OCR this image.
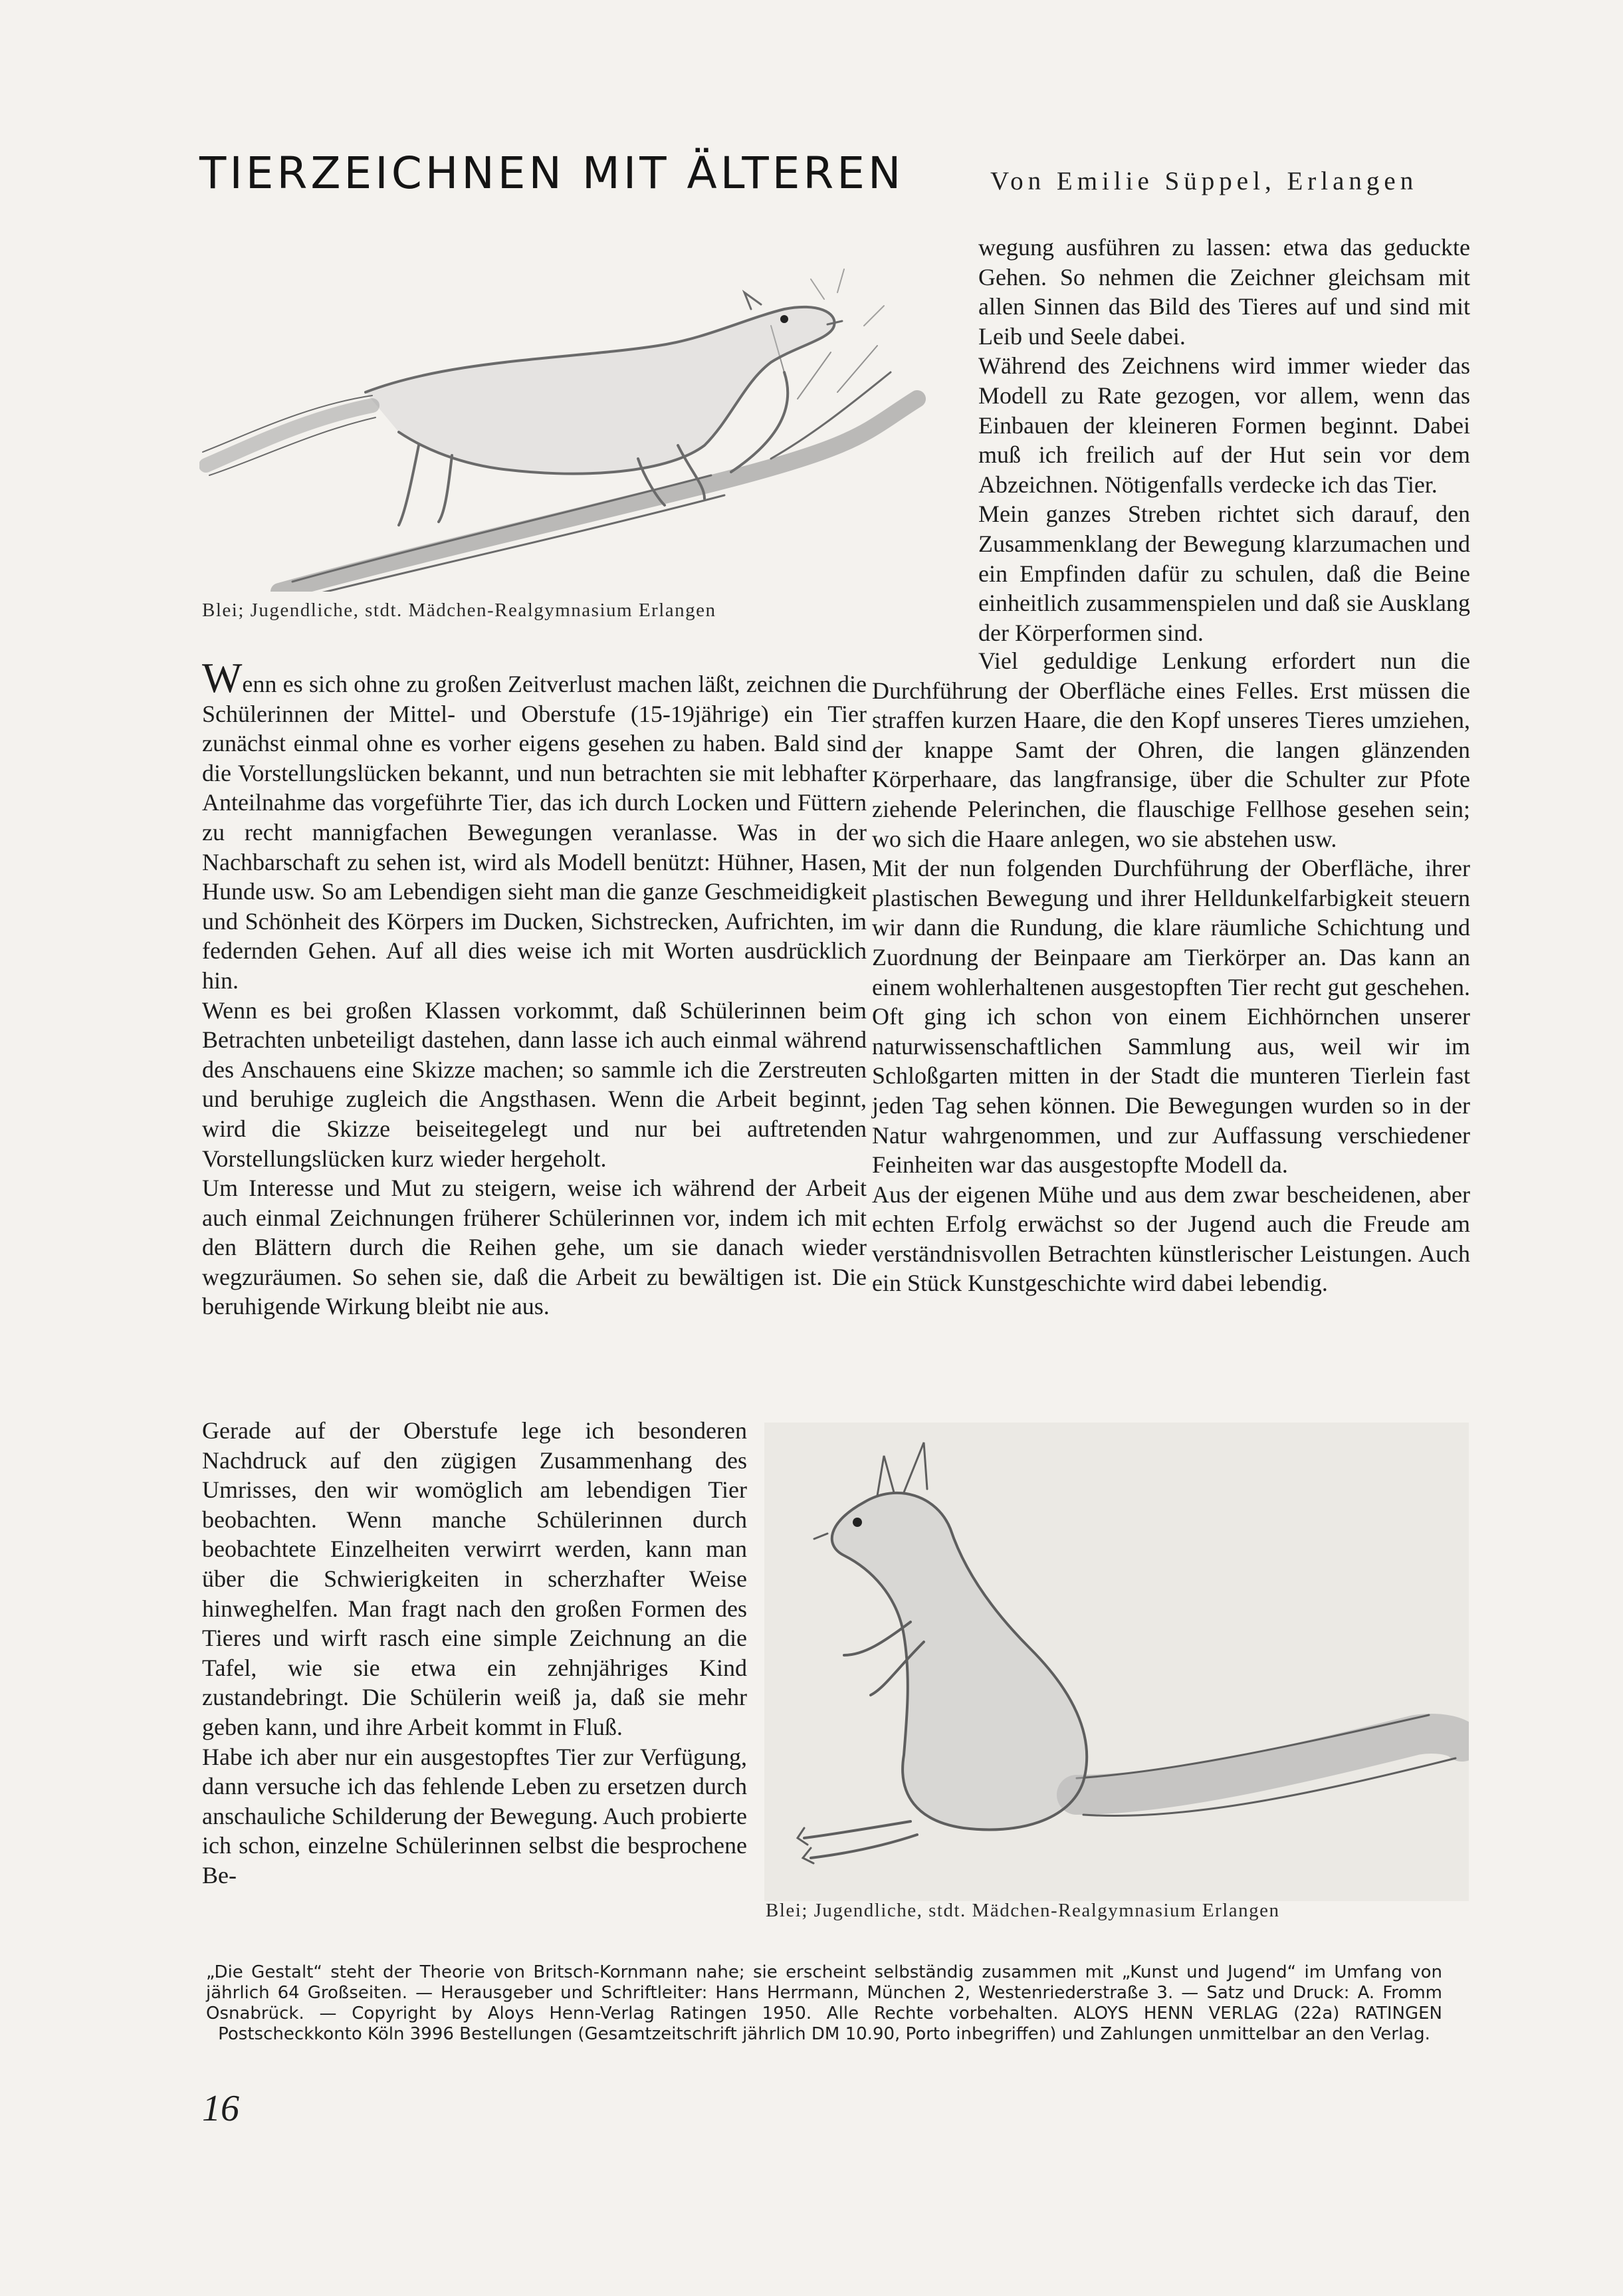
TIERZEICHNEN MIT ÄLTEREN	Von Emilie Süppel, Erlangen
Blei; Jugendliche, stdt. Mädchen-Realgymnasium Erlangen

Wenn es sich ohne zu großen Zeitverlust machen läßt, zeichnen die Schülerinnen der Mittel- und Oberstufe (15-19jährige) ein Tier zunächst einmal ohne es vorher eigens gesehen zu haben. Bald sind die Vorstellungslücken bekannt, und nun betrachten sie mit lebhafter Anteilnahme das vorgeführte Tier, das ich durch Locken und Füttern zu recht mannigfachen Bewegungen veranlasse. Was in der Nachbarschaft zu sehen ist, wird als Modell benützt: Hühner, Hasen, Hunde usw. So am Lebendigen sieht man die ganze Geschmeidigkeit und Schönheit des Körpers im Ducken, Sichstrecken, Aufrichten, im federnden Gehen. Auf all dies weise ich mit Worten ausdrücklich hin.

Wenn es bei großen Klassen vorkommt, daß Schülerinnen beim Betrachten unbeteiligt dastehen, dann lasse ich auch einmal während des Anschauens eine Skizze machen; so sammle ich die Zerstreuten und beruhige zugleich die Angsthasen. Wenn die Arbeit beginnt, wird die Skizze beiseitegelegt und nur bei auftretenden Vorstellungslücken kurz wieder hergeholt.

Um Interesse und Mut zu steigern, weise ich während der Arbeit auch einmal Zeichnungen früherer Schülerinnen vor, indem ich mit den Blättern durch die Reihen gehe, um sie danach wieder wegzuräumen. So sehen sie, daß die Arbeit zu bewältigen ist. Die beruhigende Wirkung bleibt nie aus.

Gerade auf der Oberstufe lege ich besonderen Nachdruck auf den zügigen Zusammenhang des Umrisses, den wir womöglich am lebendigen Tier beobachten. Wenn manche Schülerinnen durch beobachtete Einzelheiten verwirrt werden, kann man über die Schwierigkeiten in scherzhafter Weise hinweghelfen. Man fragt nach den großen Formen des Tieres und wirft rasch eine simple Zeichnung an die Tafel, wie sie etwa ein zehnjähriges Kind zustandebringt. Die Schülerin weiß ja, daß sie mehr geben kann, und ihre Arbeit kommt in Fluß.

Habe ich aber nur ein ausgestopftes Tier zur Verfügung, dann versuche ich das fehlende Leben zu ersetzen durch anschauliche Schilderung der Bewegung. Auch probierte ich schon, einzelne Schülerinnen selbst die besprochene Be-

wegung ausführen zu lassen: etwa das geduckte Gehen. So nehmen die Zeichner gleichsam mit allen Sinnen das Bild des Tieres auf und sind mit Leib und Seele dabei.

Während des Zeichnens wird immer wieder das Modell zu Rate gezogen, vor allem, wenn das Einbauen der kleineren Formen beginnt. Dabei muß ich freilich auf der Hut sein vor dem Abzeichnen. Nötigenfalls verdecke ich das Tier.

Mein ganzes Streben richtet sich darauf, den Zusammenklang der Bewegung klarzumachen und ein Empfinden dafür zu schulen, daß die Beine einheitlich zusammenspielen und daß sie Ausklang der Körperformen sind.

Viel geduldige Lenkung erfordert nun die Durchführung der Oberfläche eines Felles. Erst müssen die straffen kurzen Haare, die den Kopf unseres Tieres umziehen, der knappe Samt der Ohren, die langen glänzenden Körperhaare, das langfransige, über die Schulter zur Pfote ziehende Pelerinchen, die flauschige Fellhose gesehen sein; wo sich die Haare anlegen, wo sie abstehen usw.

Mit der nun folgenden Durchführung der Oberfläche, ihrer plastischen Bewegung und ihrer Helldunkelfarbigkeit steuern wir dann die Rundung, die klare räumliche Schichtung und Zuordnung der Beinpaare am Tierkörper an. Das kann an einem wohlerhaltenen ausgestopften Tier recht gut geschehen. Oft ging ich schon von einem Eichhörnchen unserer naturwissenschaftlichen Sammlung aus, weil wir im Schloßgarten mitten in der Stadt die munteren Tierlein fast jeden Tag sehen können. Die Bewegungen wurden so in der Natur wahrgenommen, und zur Auffassung verschiedener Feinheiten war das ausgestopfte Modell da.

Aus der eigenen Mühe und aus dem zwar bescheidenen, aber echten Erfolg erwächst so der Jugend auch die Freude am verständnisvollen Betrachten künstlerischer Leistungen. Auch ein Stück Kunstgeschichte wird dabei lebendig.

Blei; Jugendliche, stdt. Mädchen-Realgymnasium Erlangen
„Die Gestalt“ steht der Theorie von Britsch-Kornmann nahe; sie erscheint selbständig zusammen mit „Kunst und Jugend“ im Umfang von jährlich 64 Großseiten. — Herausgeber und Schriftleiter: Hans Herrmann, München 2, Westenriederstraße 3. — Satz und Druck: A. Fromm Osnabrück. — Copyright by Aloys Henn-Verlag Ratingen 1950. Alle Rechte vorbehalten. ALOYS HENN VERLAG (22a) RATINGEN Postscheckkonto Köln 3996 Bestellungen (Gesamtzeitschrift jährlich DM 10.90, Porto inbegriffen) und Zahlungen unmittelbar an den Verlag.
16
